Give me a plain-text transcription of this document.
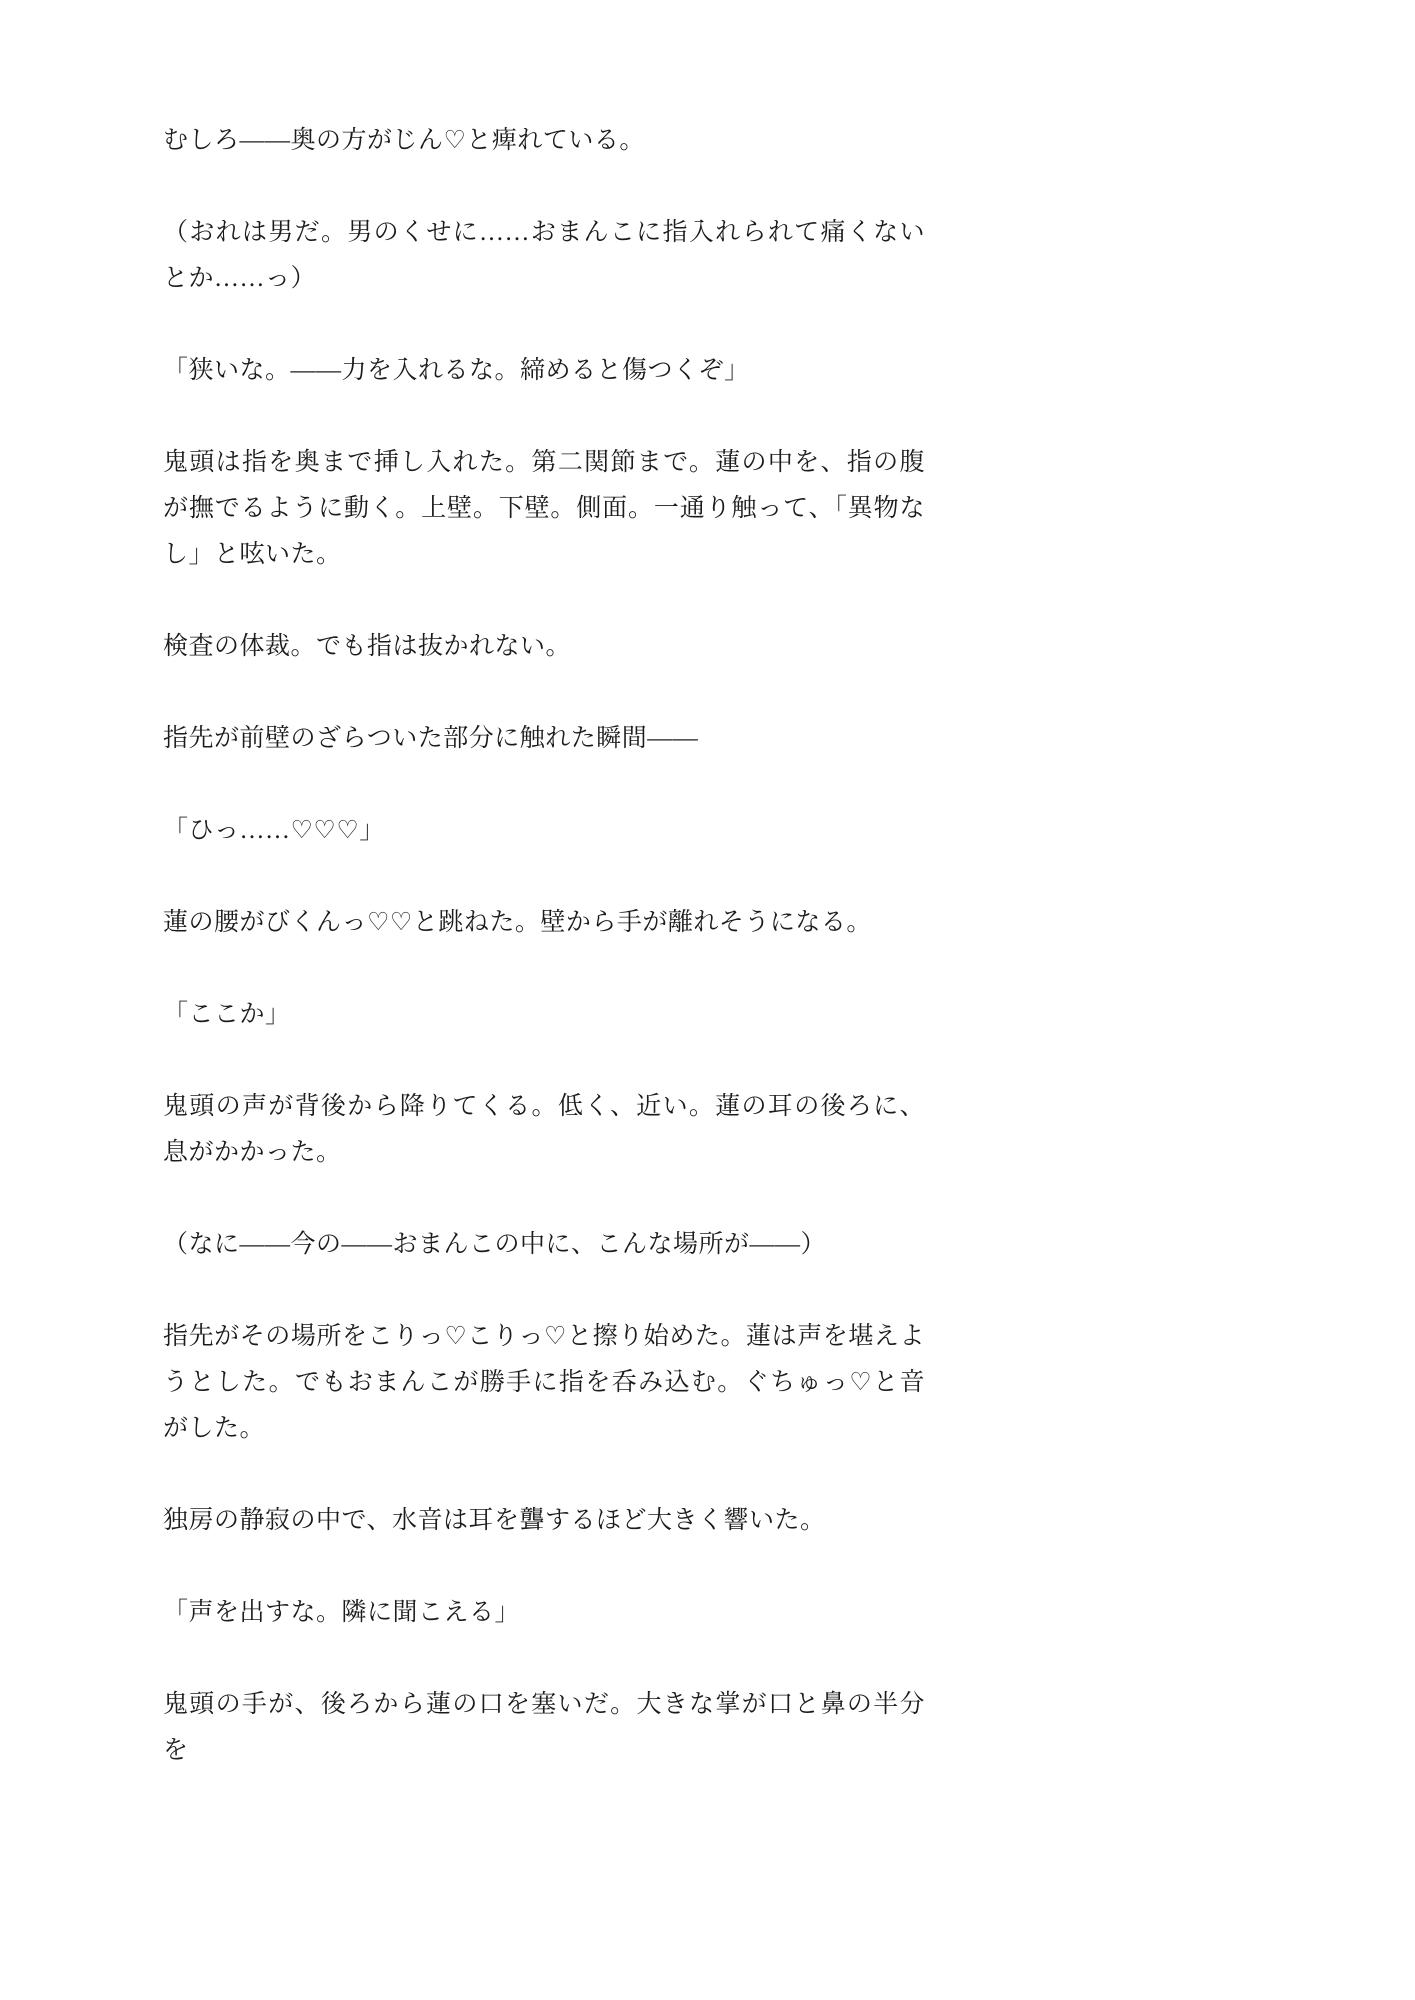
むしろ——奥の方がじん♡と痺れている。

（おれは男だ。男のくせに……おまんこに指入れられて痛くないとか……っ）

「狭いな。——力を入れるな。締めると傷つくぞ」

鬼頭は指を奥まで挿し入れた。第二関節まで。蓮の中を、指の腹が撫でるように動く。上壁。下壁。側面。一通り触って、「異物なし」と呟いた。

検査の体裁。でも指は抜かれない。

指先が前壁のざらついた部分に触れた瞬間——

「ひっ……♡♡♡」

蓮の腰がびくんっ♡♡と跳ねた。壁から手が離れそうになる。

「ここか」

鬼頭の声が背後から降りてくる。低く、近い。蓮の耳の後ろに、息がかかった。

（なに——今の——おまんこの中に、こんな場所が——）

指先がその場所をこりっ♡こりっ♡と擦り始めた。蓮は声を堪えようとした。でもおまんこが勝手に指を呑み込む。ぐちゅっ♡と音がした。

独房の静寂の中で、水音は耳を聾するほど大きく響いた。

「声を出すな。隣に聞こえる」

鬼頭の手が、後ろから蓮の口を塞いだ。大きな掌が口と鼻の半分を
